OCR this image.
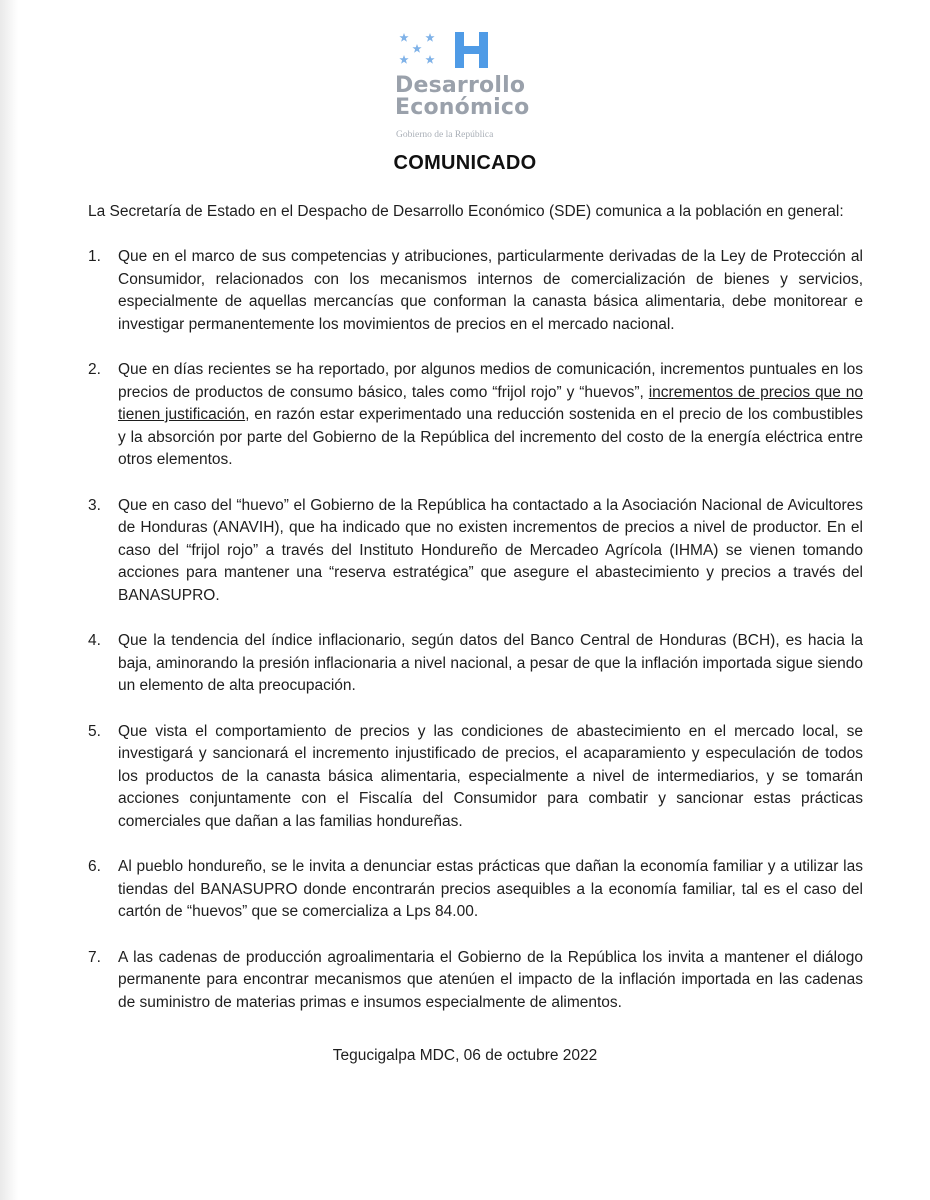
Desarrollo
Económico
Gobierno de la República
COMUNICADO
La Secretaría de Estado en el Despacho de Desarrollo Económico (SDE) comunica a la población en general:
1.	Que en el marco de sus competencias y atribuciones, particularmente derivadas de la Ley de Protección al Consumidor, relacionados con los mecanismos internos de comercialización de bienes y servicios, especialmente de aquellas mercancías que conforman la canasta básica alimentaria, debe monitorear e investigar permanentemente los movimientos de precios en el mercado nacional.
2.	Que en días recientes se ha reportado, por algunos medios de comunicación, incrementos puntuales en los precios de productos de consumo básico, tales como “frijol rojo” y “huevos”, incrementos de precios que no tienen justificación, en razón estar experimentado una reducción sostenida en el precio de los combustibles y la absorción por parte del Gobierno de la República del incremento del costo de la energía eléctrica entre otros elementos.
3.	Que en caso del “huevo” el Gobierno de la República ha contactado a la Asociación Nacional de Avicultores de Honduras (ANAVIH), que ha indicado que no existen incrementos de precios a nivel de productor. En el caso del “frijol rojo” a través del Instituto Hondureño de Mercadeo Agrícola (IHMA) se vienen tomando acciones para mantener una “reserva estratégica” que asegure el abastecimiento y precios a través del BANASUPRO.
4.	Que la tendencia del índice inflacionario, según datos del Banco Central de Honduras (BCH), es hacia la baja, aminorando la presión inflacionaria a nivel nacional, a pesar de que la inflación importada sigue siendo un elemento de alta preocupación.
5.	Que vista el comportamiento de precios y las condiciones de abastecimiento en el mercado local, se investigará y sancionará el incremento injustificado de precios, el acaparamiento y especulación de todos los productos de la canasta básica alimentaria, especialmente a nivel de intermediarios, y se tomarán acciones conjuntamente con el Fiscalía del Consumidor para combatir y sancionar estas prácticas comerciales que dañan a las familias hondureñas.
6.	Al pueblo hondureño, se le invita a denunciar estas prácticas que dañan la economía familiar y a utilizar las tiendas del BANASUPRO donde encontrarán precios asequibles a la economía familiar, tal es el caso del cartón de “huevos” que se comercializa a Lps 84.00.
7.	A las cadenas de producción agroalimentaria el Gobierno de la República los invita a mantener el diálogo permanente para encontrar mecanismos que atenúen el impacto de la inflación importada en las cadenas de suministro de materias primas e insumos especialmente de alimentos.
Tegucigalpa MDC, 06 de octubre 2022
